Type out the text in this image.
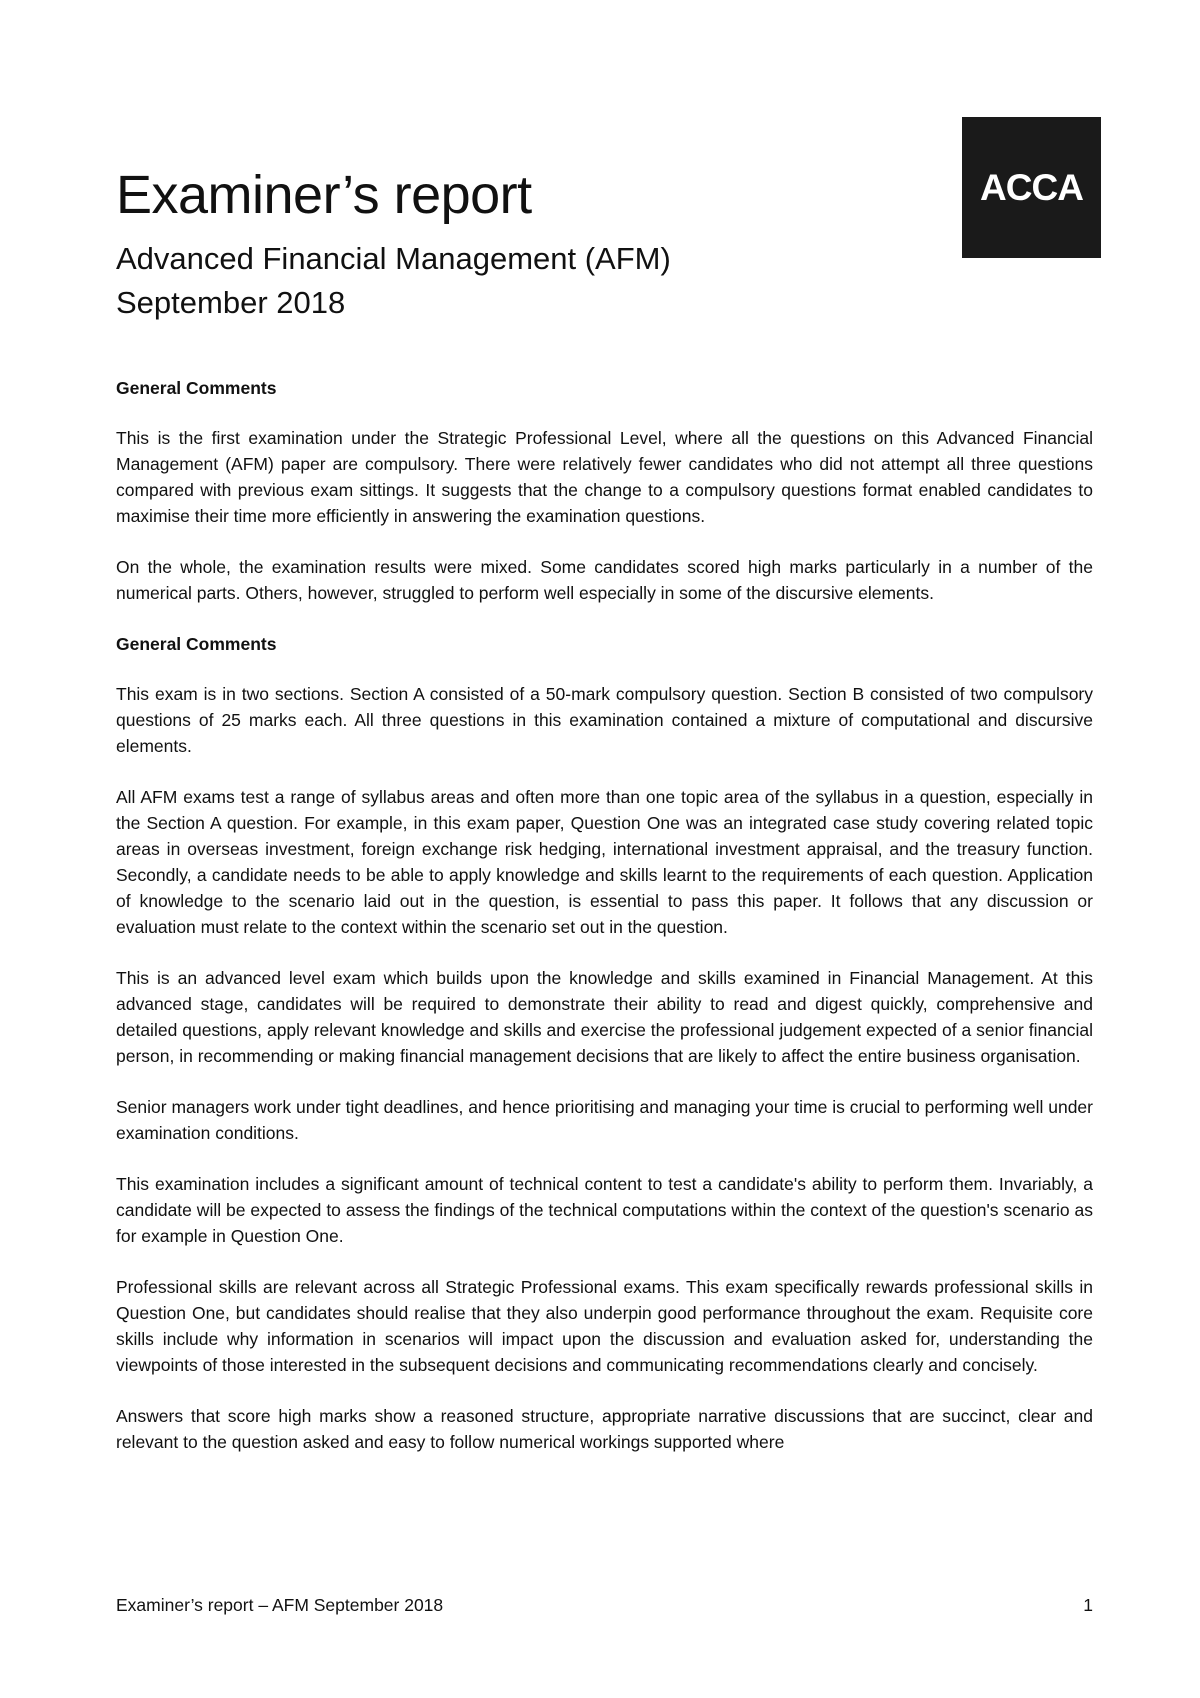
ACCA
Examiner’s report
Advanced Financial Management (AFM)
September 2018
General Comments

This is the first examination under the Strategic Professional Level, where all the questions on this Advanced Financial Management (AFM) paper are compulsory. There were relatively fewer candidates who did not attempt all three questions compared with previous exam sittings. It suggests that the change to a compulsory questions format enabled candidates to maximise their time more efficiently in answering the examination questions.

On the whole, the examination results were mixed. Some candidates scored high marks particularly in a number of the numerical parts. Others, however, struggled to perform well especially in some of the discursive elements.

General Comments

This exam is in two sections. Section A consisted of a 50-mark compulsory question. Section B consisted of two compulsory questions of 25 marks each. All three questions in this examination contained a mixture of computational and discursive elements.

All AFM exams test a range of syllabus areas and often more than one topic area of the syllabus in a question, especially in the Section A question. For example, in this exam paper, Question One was an integrated case study covering related topic areas in overseas investment, foreign exchange risk hedging, international investment appraisal, and the treasury function. Secondly, a candidate needs to be able to apply knowledge and skills learnt to the requirements of each question. Application of knowledge to the scenario laid out in the question, is essential to pass this paper. It follows that any discussion or evaluation must relate to the context within the scenario set out in the question.

This is an advanced level exam which builds upon the knowledge and skills examined in Financial Management. At this advanced stage, candidates will be required to demonstrate their ability to read and digest quickly, comprehensive and detailed questions, apply relevant knowledge and skills and exercise the professional judgement expected of a senior financial person, in recommending or making financial management decisions that are likely to affect the entire business organisation.

Senior managers work under tight deadlines, and hence prioritising and managing your time is crucial to performing well under examination conditions.

This examination includes a significant amount of technical content to test a candidate's ability to perform them. Invariably, a candidate will be expected to assess the findings of the technical computations within the context of the question's scenario as for example in Question One.

Professional skills are relevant across all Strategic Professional exams. This exam specifically rewards professional skills in Question One, but candidates should realise that they also underpin good performance throughout the exam. Requisite core skills include why information in scenarios will impact upon the discussion and evaluation asked for, understanding the viewpoints of those interested in the subsequent decisions and communicating recommendations clearly and concisely.

Answers that score high marks show a reasoned structure, appropriate narrative discussions that are succinct, clear and relevant to the question asked and easy to follow numerical workings supported where

Examiner’s report – AFM September 2018	1
